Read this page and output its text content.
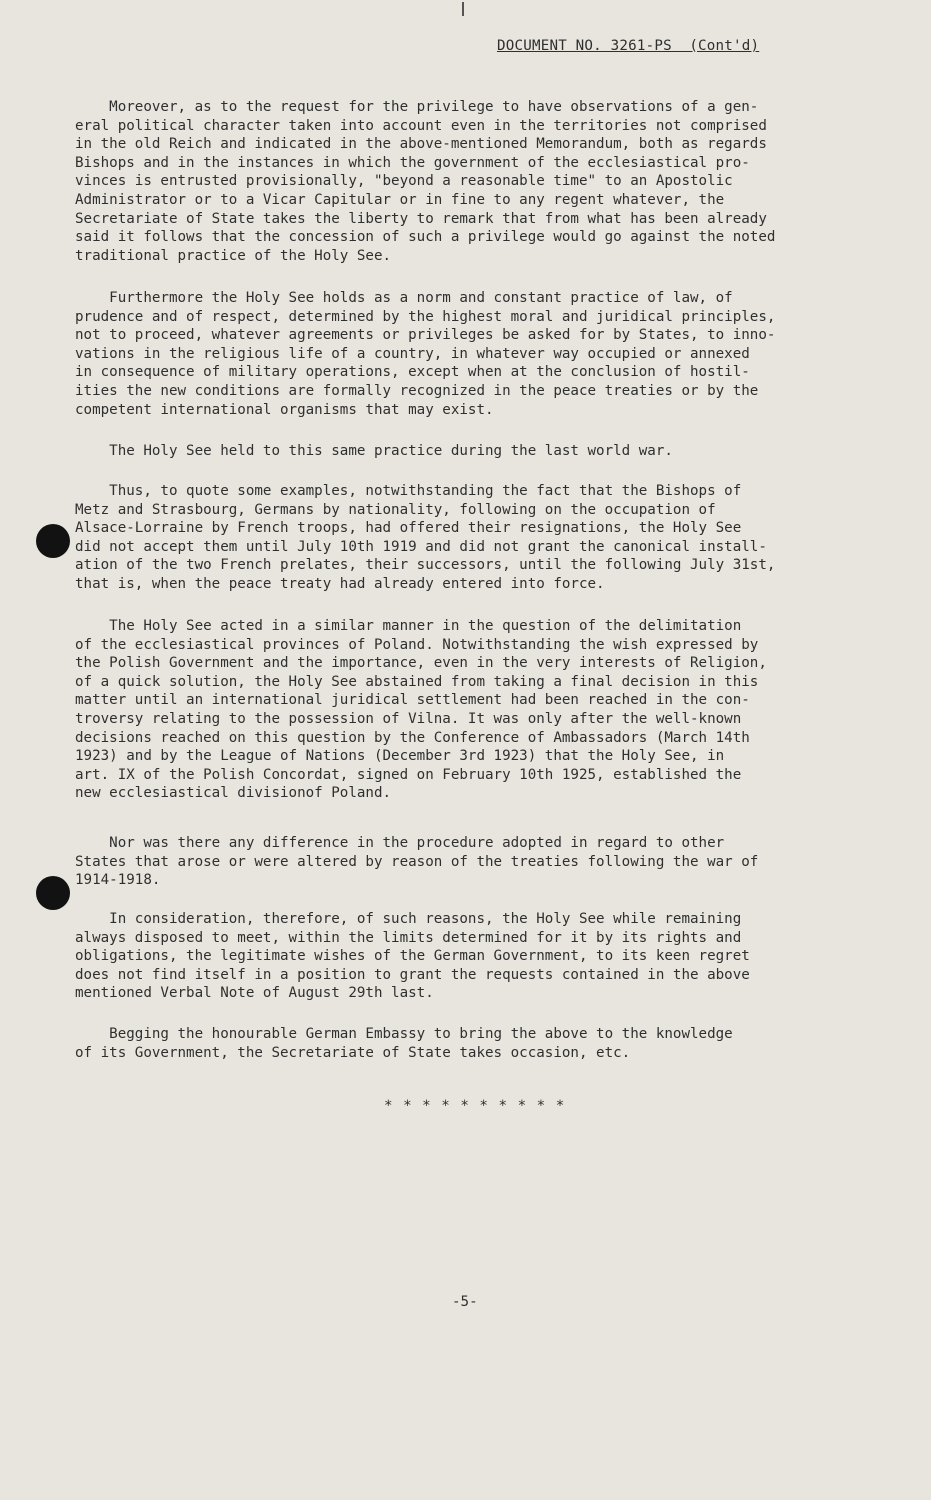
DOCUMENT NO. 3261-PS  (Cont'd)
Moreover, as to the request for the privilege to have observations of a gen-
eral political character taken into account even in the territories not comprised
in the old Reich and indicated in the above-mentioned Memorandum, both as regards
Bishops and in the instances in which the government of the ecclesiastical pro-
vinces is entrusted provisionally, "beyond a reasonable time" to an Apostolic
Administrator or to a Vicar Capitular or in fine to any regent whatever, the
Secretariate of State takes the liberty to remark that from what has been already
said it follows that the concession of such a privilege would go against the noted
traditional practice of the Holy See.
Furthermore the Holy See holds as a norm and constant practice of law, of
prudence and of respect, determined by the highest moral and juridical principles,
not to proceed, whatever agreements or privileges be asked for by States, to inno-
vations in the religious life of a country, in whatever way occupied or annexed
in consequence of military operations, except when at the conclusion of hostil-
ities the new conditions are formally recognized in the peace treaties or by the
competent international organisms that may exist.
The Holy See held to this same practice during the last world war.
Thus, to quote some examples, notwithstanding the fact that the Bishops of
Metz and Strasbourg, Germans by nationality, following on the occupation of
Alsace-Lorraine by French troops, had offered their resignations, the Holy See
did not accept them until July 10th 1919 and did not grant the canonical install-
ation of the two French prelates, their successors, until the following July 31st,
that is, when the peace treaty had already entered into force.
The Holy See acted in a similar manner in the question of the delimitation
of the ecclesiastical provinces of Poland. Notwithstanding the wish expressed by
the Polish Government and the importance, even in the very interests of Religion,
of a quick solution, the Holy See abstained from taking a final decision in this
matter until an international juridical settlement had been reached in the con-
troversy relating to the possession of Vilna. It was only after the well-known
decisions reached on this question by the Conference of Ambassadors (March 14th
1923) and by the League of Nations (December 3rd 1923) that the Holy See, in
art. IX of the Polish Concordat, signed on February 10th 1925, established the
new ecclesiastical divisionof Poland.
Nor was there any difference in the procedure adopted in regard to other
States that arose or were altered by reason of the treaties following the war of
1914-1918.
In consideration, therefore, of such reasons, the Holy See while remaining
always disposed to meet, within the limits determined for it by its rights and
obligations, the legitimate wishes of the German Government, to its keen regret
does not find itself in a position to grant the requests contained in the above
mentioned Verbal Note of August 29th last.
Begging the honourable German Embassy to bring the above to the knowledge
of its Government, the Secretariate of State takes occasion, etc.
* * * * * * * * * *
-5-
